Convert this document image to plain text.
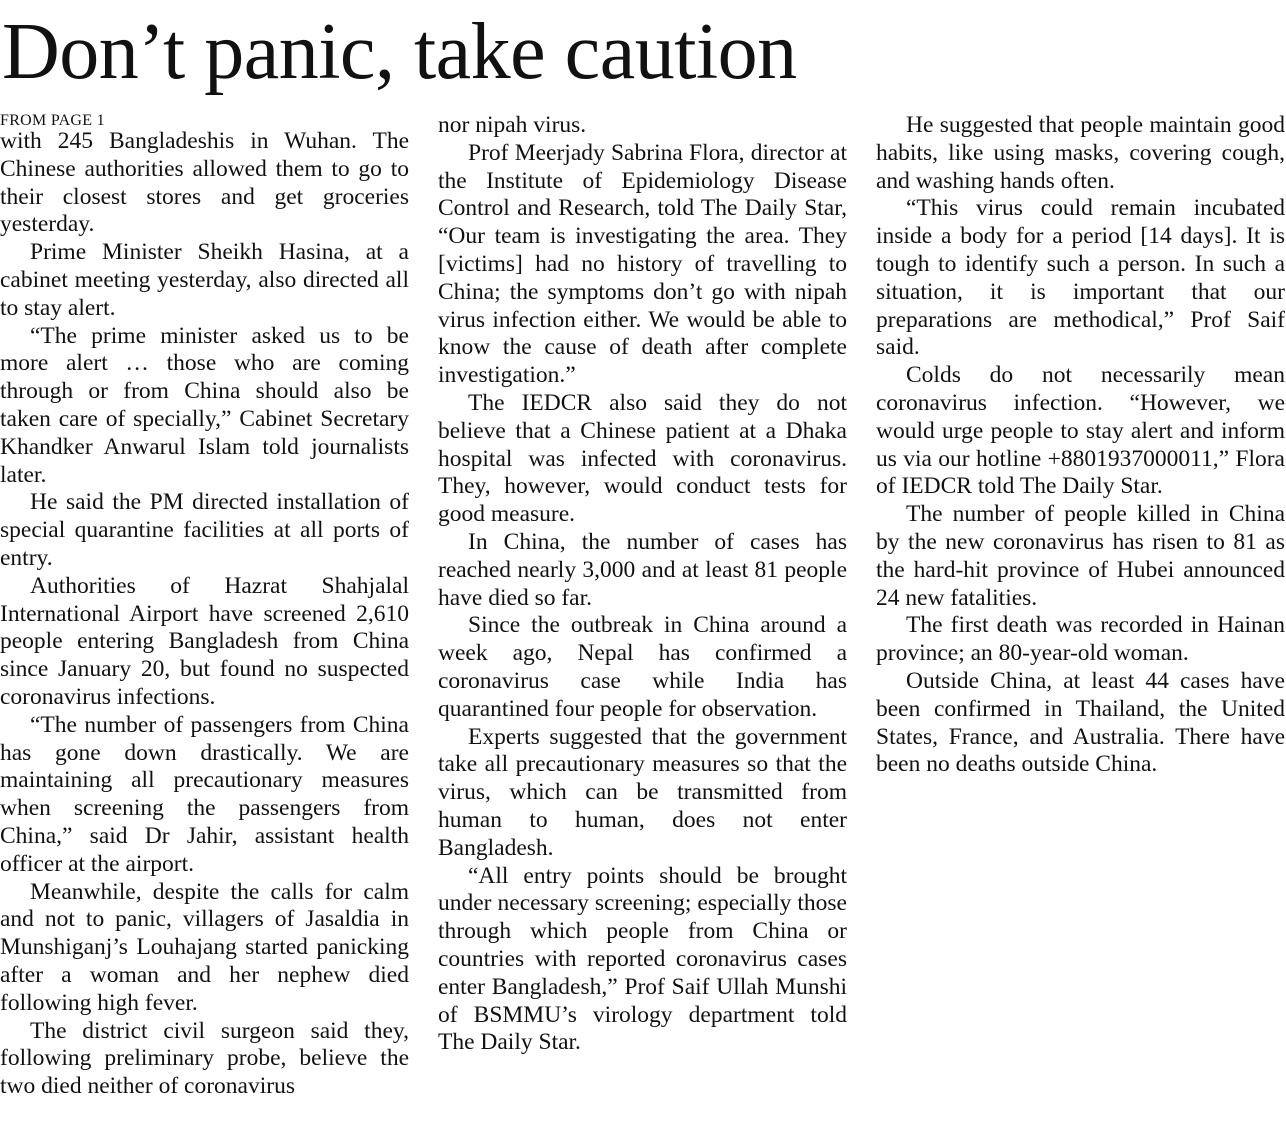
Don’t panic, take caution
FROM PAGE 1

with 245 Bangladeshis in Wuhan. The Chinese authorities allowed them to go to their closest stores and get groceries yesterday.

Prime Minister Sheikh Hasina, at a cabinet meeting yesterday, also directed all to stay alert.

“The prime minister asked us to be more alert … those who are coming through or from China should also be taken care of specially,” Cabinet Secretary Khandker Anwarul Islam told journalists later.

He said the PM directed installation of special quarantine facilities at all ports of entry.

Authorities of Hazrat Shahjalal International Airport have screened 2,610 people entering Bangladesh from China since January 20, but found no suspected coronavirus infections.

“The number of passengers from China has gone down drastically. We are maintaining all precautionary measures when screening the passengers from China,” said Dr Jahir, assistant health officer at the airport.

Meanwhile, despite the calls for calm and not to panic, villagers of Jasaldia in Munshiganj’s Louhajang started panicking after a woman and her nephew died following high fever.

The district civil surgeon said they, following preliminary probe, believe the two died neither of coronavirus

nor nipah virus.

Prof Meerjady Sabrina Flora, director at the Institute of Epidemiology Disease Control and Research, told The Daily Star, “Our team is investigating the area. They [victims] had no history of travelling to China; the symptoms don’t go with nipah virus infection either. We would be able to know the cause of death after complete investigation.”

The IEDCR also said they do not believe that a Chinese patient at a Dhaka hospital was infected with coronavirus. They, however, would conduct tests for good measure.

In China, the number of cases has reached nearly 3,000 and at least 81 people have died so far.

Since the outbreak in China around a week ago, Nepal has confirmed a coronavirus case while India has quarantined four people for observation.

Experts suggested that the government take all precautionary measures so that the virus, which can be transmitted from human to human, does not enter Bangladesh.

“All entry points should be brought under necessary screening; especially those through which people from China or countries with reported coronavirus cases enter Bangladesh,” Prof Saif Ullah Munshi of BSMMU’s virology department told The Daily Star.

He suggested that people maintain good habits, like using masks, covering cough, and washing hands often.

“This virus could remain incubated inside a body for a period [14 days]. It is tough to identify such a person. In such a situation, it is important that our preparations are methodical,” Prof Saif said.

Colds do not necessarily mean coronavirus infection. “However, we would urge people to stay alert and inform us via our hotline +8801937000011,” Flora of IEDCR told The Daily Star.

The number of people killed in China by the new coronavirus has risen to 81 as the hard-hit province of Hubei announced 24 new fatalities.

The first death was recorded in Hainan province; an 80-year-old woman.

Outside China, at least 44 cases have been confirmed in Thailand, the United States, France, and Australia. There have been no deaths outside China.
